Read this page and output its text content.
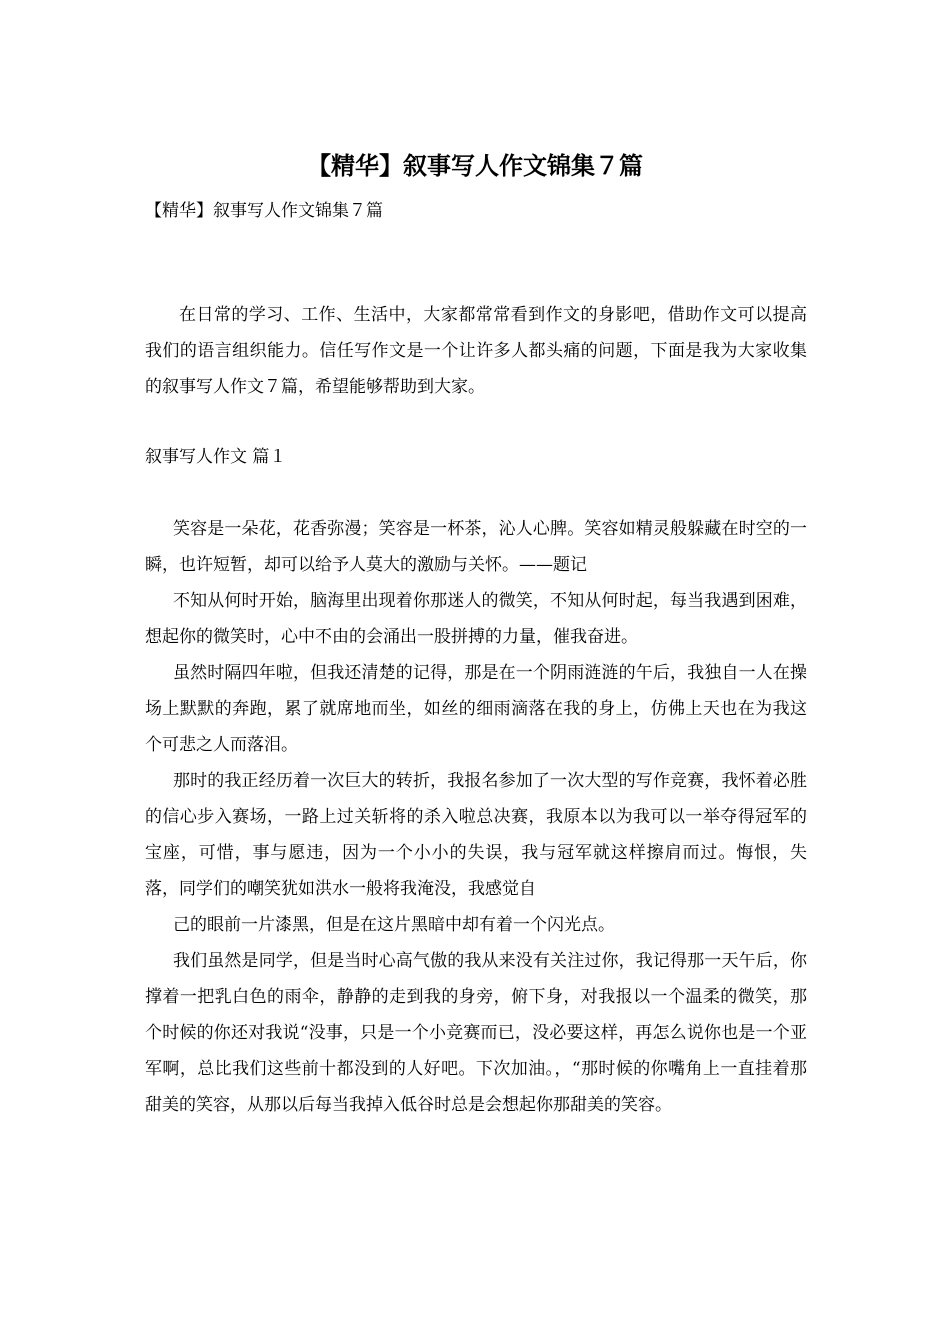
【精华】叙事写人作文锦集７篇

【精华】叙事写人作文锦集７篇

在日常的学习、工作、生活中，大家都常常看到作文的身影吧，借助作文可以提高我们的语言组织能力。信任写作文是一个让许多人都头痛的问题，下面是我为大家收集的叙事写人作文７篇，希望能够帮助到大家。

叙事写人作文 篇１

笑容是一朵花，花香弥漫；笑容是一杯茶，沁人心脾。笑容如精灵般躲藏在时空的一瞬，也许短暂，却可以给予人莫大的激励与关怀。——题记

不知从何时开始，脑海里出现着你那迷人的微笑，不知从何时起，每当我遇到困难，想起你的微笑时，心中不由的会涌出一股拼搏的力量，催我奋进。

虽然时隔四年啦，但我还清楚的记得，那是在一个阴雨涟涟的午后，我独自一人在操场上默默的奔跑，累了就席地而坐，如丝的细雨滴落在我的身上，仿佛上天也在为我这个可悲之人而落泪。

那时的我正经历着一次巨大的转折，我报名参加了一次大型的写作竞赛，我怀着必胜的信心步入赛场，一路上过关斩将的杀入啦总决赛，我原本以为我可以一举夺得冠军的宝座，可惜，事与愿违，因为一个小小的失误，我与冠军就这样擦肩而过。悔恨，失落，同学们的嘲笑犹如洪水一般将我淹没，我感觉自

己的眼前一片漆黑，但是在这片黑暗中却有着一个闪光点。

我们虽然是同学，但是当时心高气傲的我从来没有关注过你，我记得那一天午后，你撑着一把乳白色的雨伞，静静的走到我的身旁，俯下身，对我报以一个温柔的微笑，那个时候的你还对我说“没事，只是一个小竞赛而已，没必要这样，再怎么说你也是一个亚军啊，总比我们这些前十都没到的人好吧。下次加油。，“那时候的你嘴角上一直挂着那甜美的笑容，从那以后每当我掉入低谷时总是会想起你那甜美的笑容。
